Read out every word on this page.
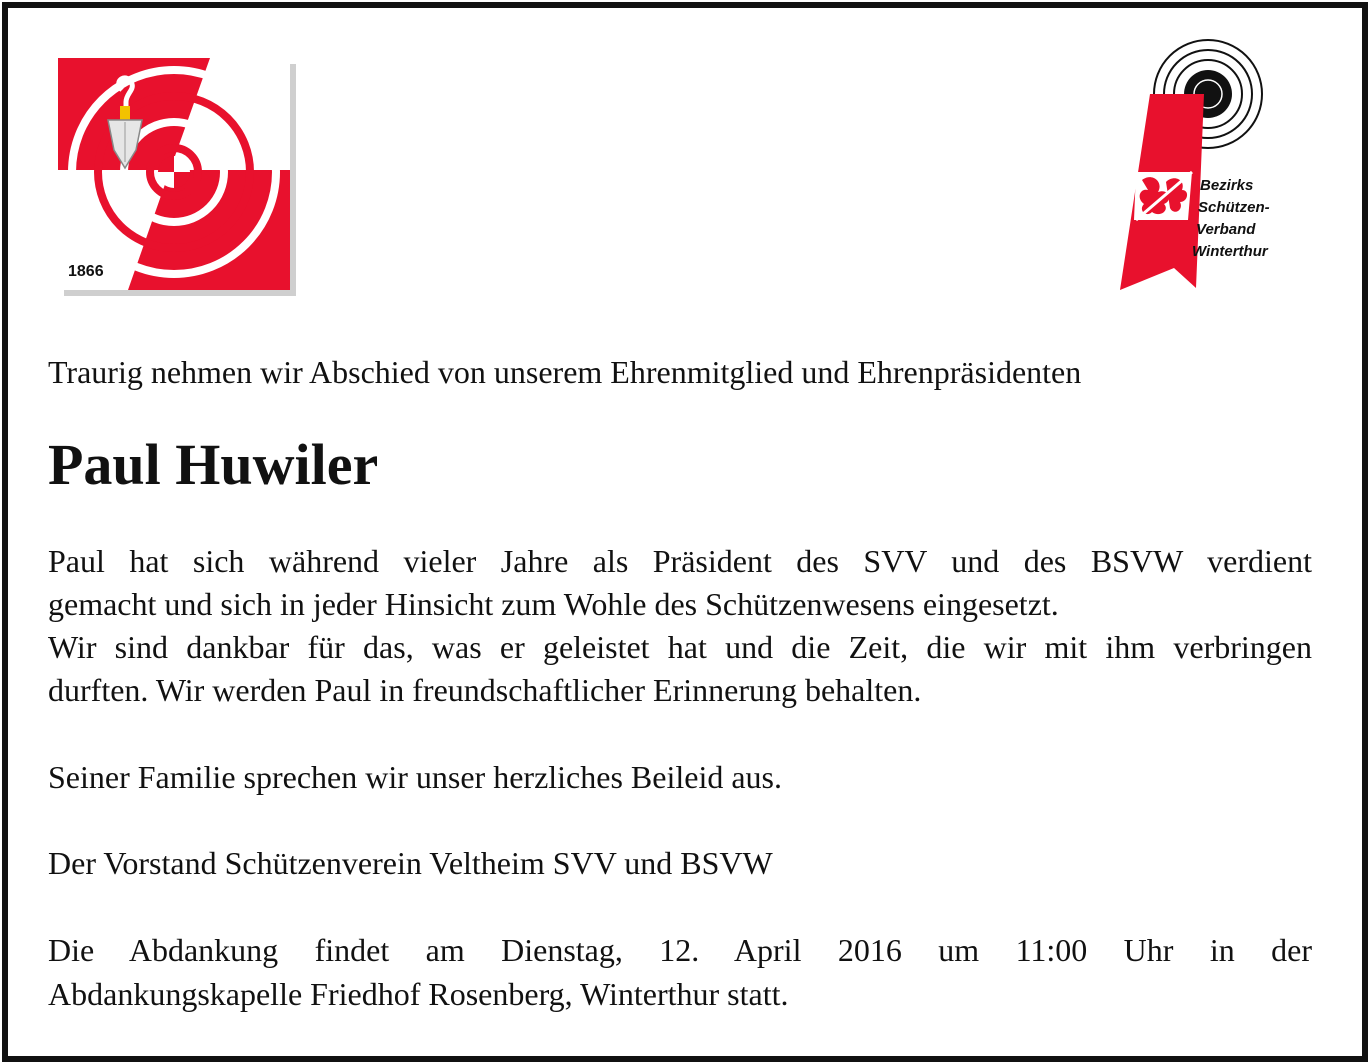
1866
Bezirks
Schützen-
Verband
Winterthur
Traurig nehmen wir Abschied von unserem Ehrenmitglied und Ehrenpräsidenten
Paul Huwiler
Paul hat sich während vieler Jahre als Präsident des SVV und des BSVW verdient
gemacht und sich in jeder Hinsicht zum Wohle des Schützenwesens eingesetzt.
Wir sind dankbar für das, was er geleistet hat und die Zeit, die wir mit ihm verbringen
durften. Wir werden Paul in freundschaftlicher Erinnerung behalten.
Seiner Familie sprechen wir unser herzliches Beileid aus.
Der Vorstand Schützenverein Veltheim SVV und BSVW
Die Abdankung findet am Dienstag, 12. April 2016 um 11:00 Uhr in der
Abdankungskapelle Friedhof Rosenberg, Winterthur statt.
